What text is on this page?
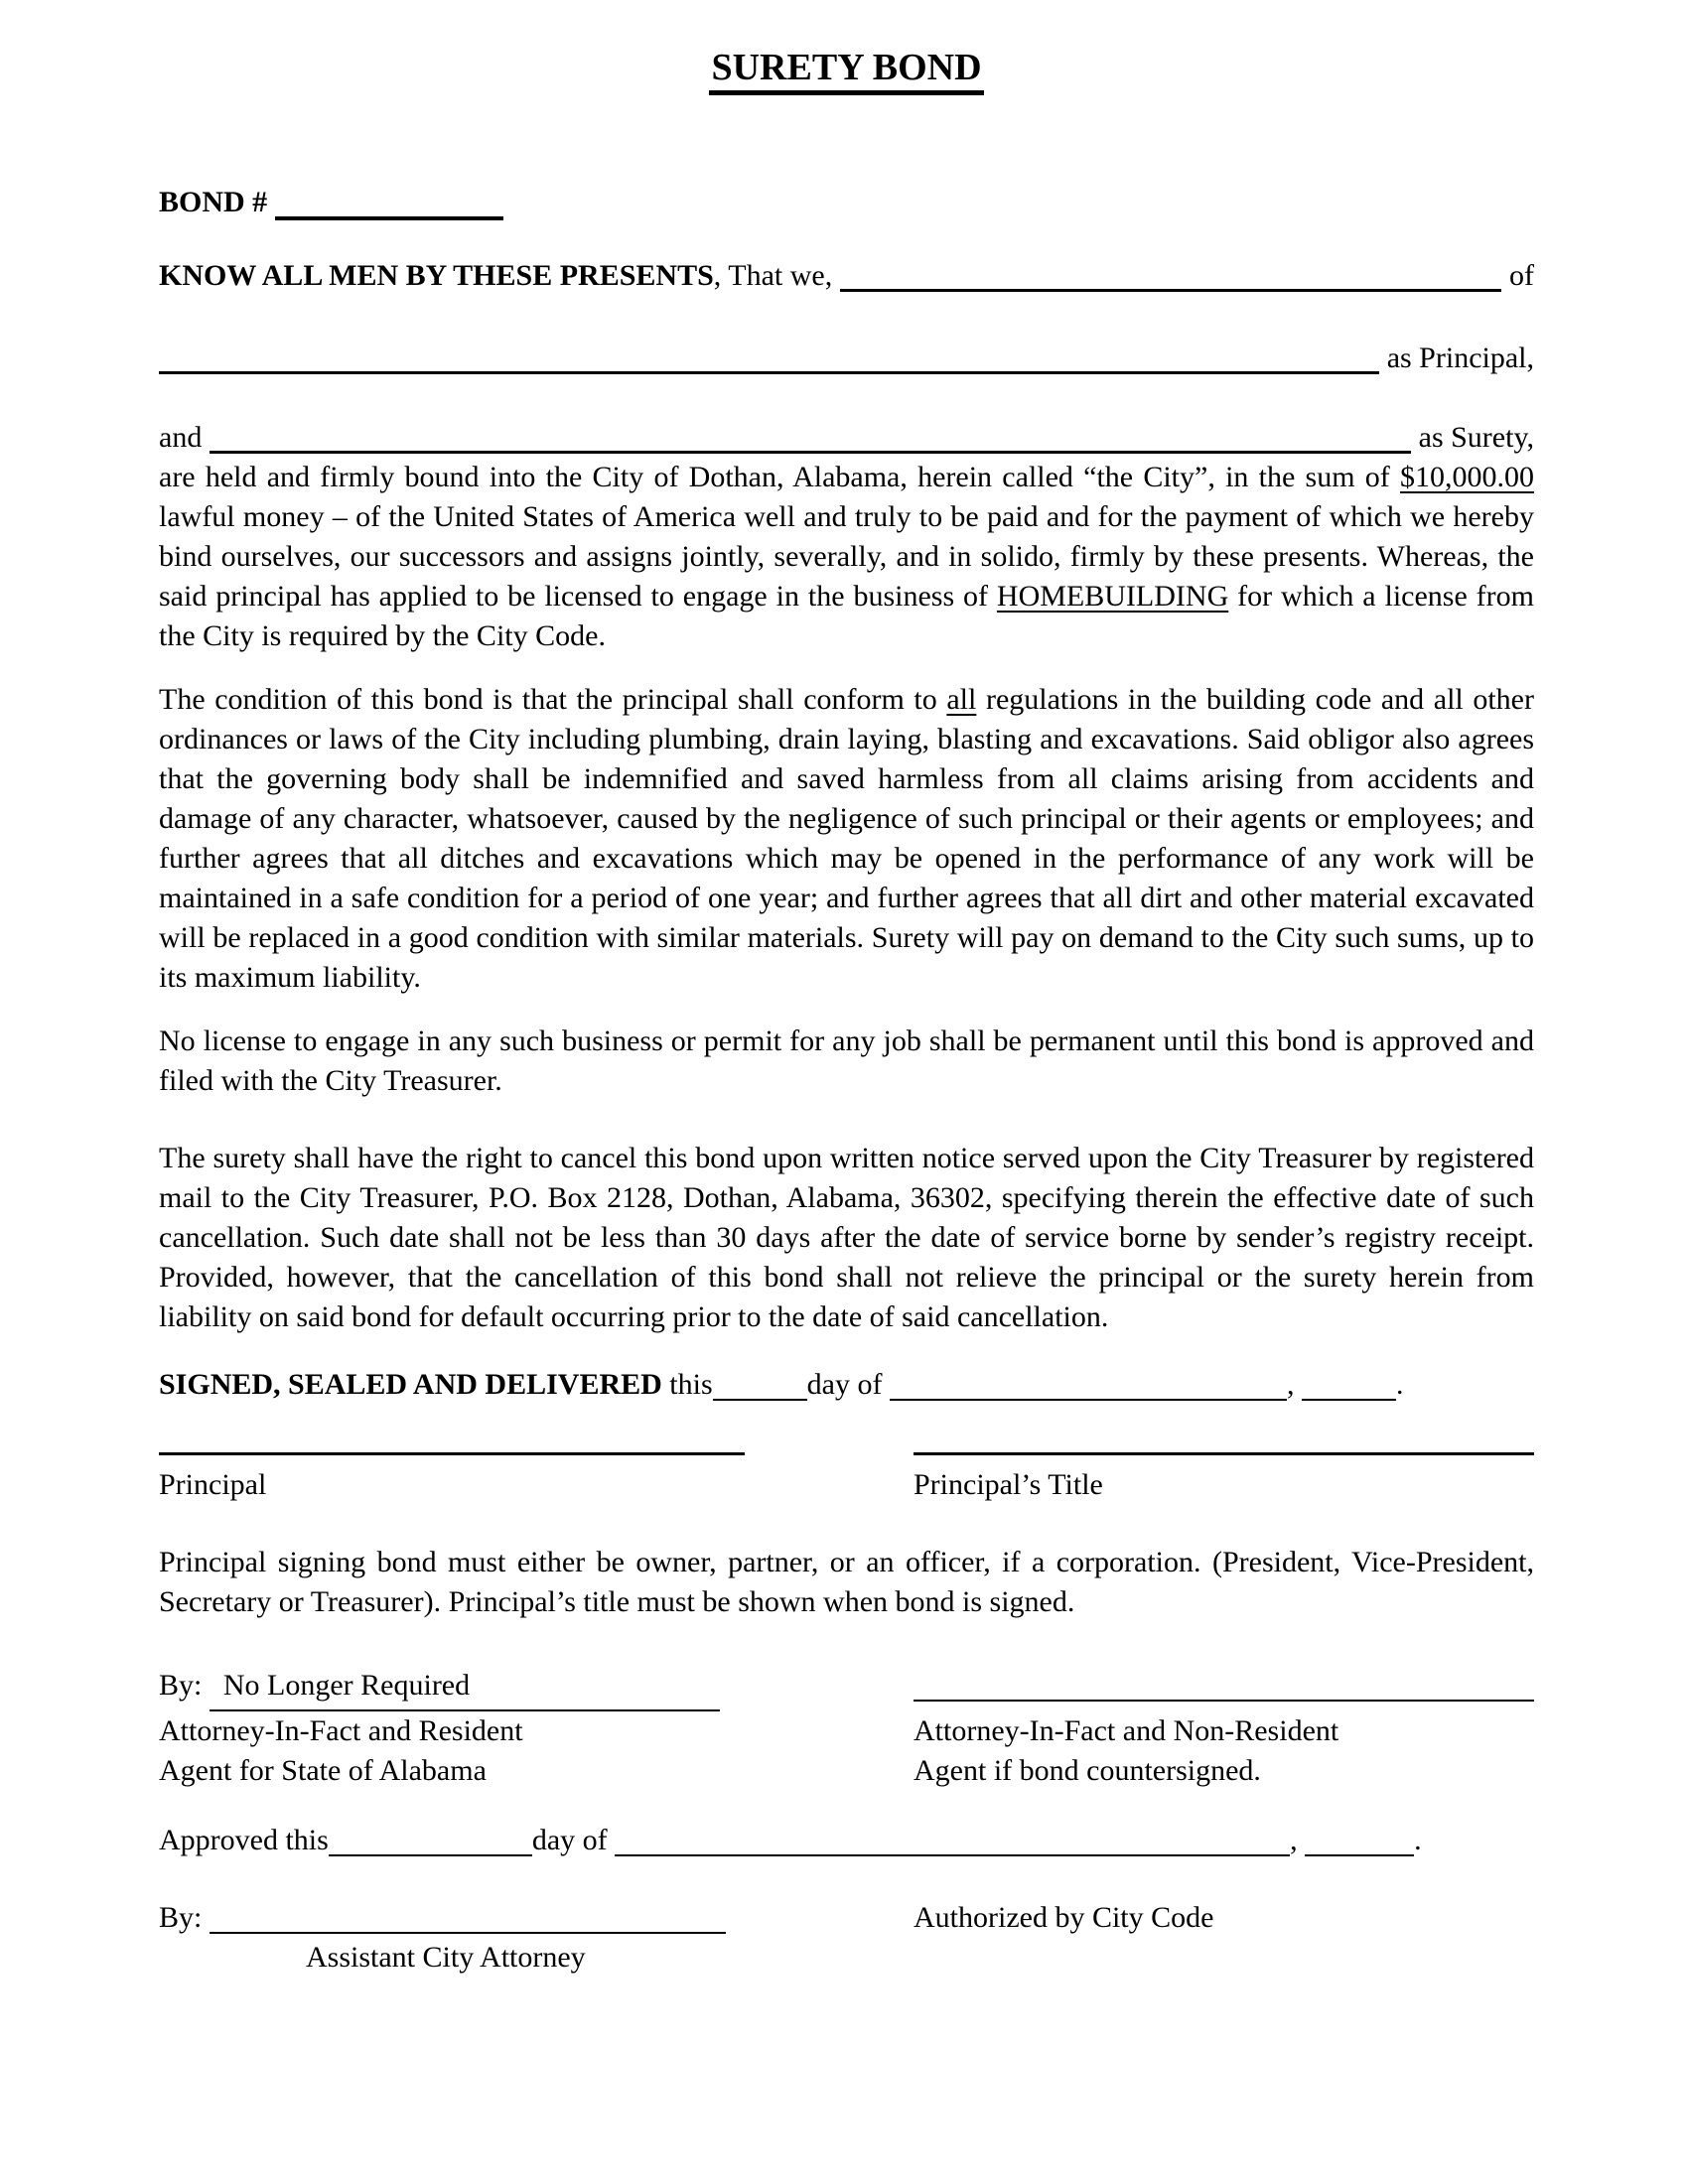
SURETY BOND
BOND #
KNOW ALL MEN BY THESE PRESENTS, That we,	of
as Principal,
and	as Surety,

are held and firmly bound into the City of Dothan, Alabama, herein called “the City”, in the sum of $10,000.00 lawful money – of the United States of America well and truly to be paid and for the payment of which we hereby bind ourselves, our successors and assigns jointly, severally, and in solido, firmly by these presents. Whereas, the said principal has applied to be licensed to engage in the business of HOMEBUILDING for which a license from the City is required by the City Code.

The condition of this bond is that the principal shall conform to all regulations in the building code and all other ordinances or laws of the City including plumbing, drain laying, blasting and excavations. Said obligor also agrees that the governing body shall be indemnified and saved harmless from all claims arising from accidents and damage of any character, whatsoever, caused by the negligence of such principal or their agents or employees; and further agrees that all ditches and excavations which may be opened in the performance of any work will be maintained in a safe condition for a period of one year; and further agrees that all dirt and other material excavated will be replaced in a good condition with similar materials. Surety will pay on demand to the City such sums, up to its maximum liability.

No license to engage in any such business or permit for any job shall be permanent until this bond is approved and filed with the City Treasurer.

The surety shall have the right to cancel this bond upon written notice served upon the City Treasurer by registered mail to the City Treasurer, P.O. Box 2128, Dothan, Alabama, 36302, specifying therein the effective date of such cancellation. Such date shall not be less than 30 days after the date of service borne by sender’s registry receipt. Provided, however, that the cancellation of this bond shall not relieve the principal or the surety herein from liability on said bond for default occurring prior to the date of said cancellation.

SIGNED, SEALED AND DELIVERED this	day of	,	.
Principal	Principal’s Title

Principal signing bond must either be owner, partner, or an officer, if a corporation. (President, Vice-President, Secretary or Treasurer). Principal’s title must be shown when bond is signed.

By: No Longer Required
Attorney-In-Fact and Resident	Attorney-In-Fact and Non-Resident
Agent for State of Alabama	Agent if bond countersigned.
Approved this	day of	,	.
By:	Authorized by City Code
Assistant City Attorney
